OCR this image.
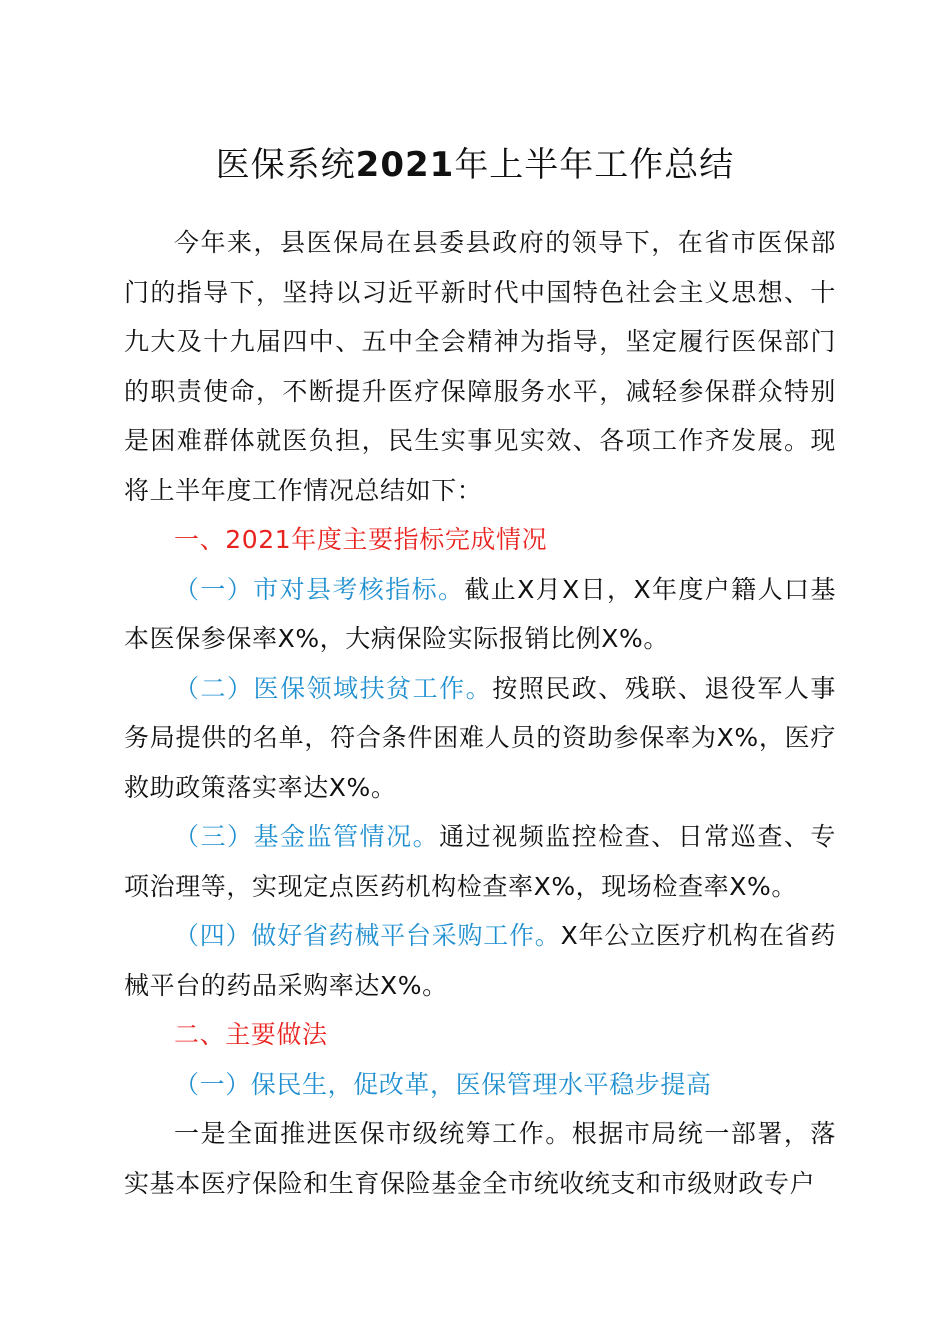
医保系统2021年上半年工作总结

今年来，县医保局在县委县政府的领导下，在省市医保部门的指导下，坚持以习近平新时代中国特色社会主义思想、十九大及十九届四中、五中全会精神为指导，坚定履行医保部门的职责使命，不断提升医疗保障服务水平，减轻参保群众特别是困难群体就医负担，民生实事见实效、各项工作齐发展。现将上半年度工作情况总结如下：

一、2021年度主要指标完成情况

（一）市对县考核指标。截止X月X日，X年度户籍人口基本医保参保率X%，大病保险实际报销比例X%。

（二）医保领域扶贫工作。按照民政、残联、退役军人事务局提供的名单，符合条件困难人员的资助参保率为X%，医疗救助政策落实率达X%。

（三）基金监管情况。通过视频监控检查、日常巡查、专项治理等，实现定点医药机构检查率X%，现场检查率X%。

（四）做好省药械平台采购工作。X年公立医疗机构在省药械平台的药品采购率达X%。

二、主要做法

（一）保民生，促改革，医保管理水平稳步提高

一是全面推进医保市级统筹工作。根据市局统一部署，落实基本医疗保险和生育保险基金全市统收统支和市级财政专户
